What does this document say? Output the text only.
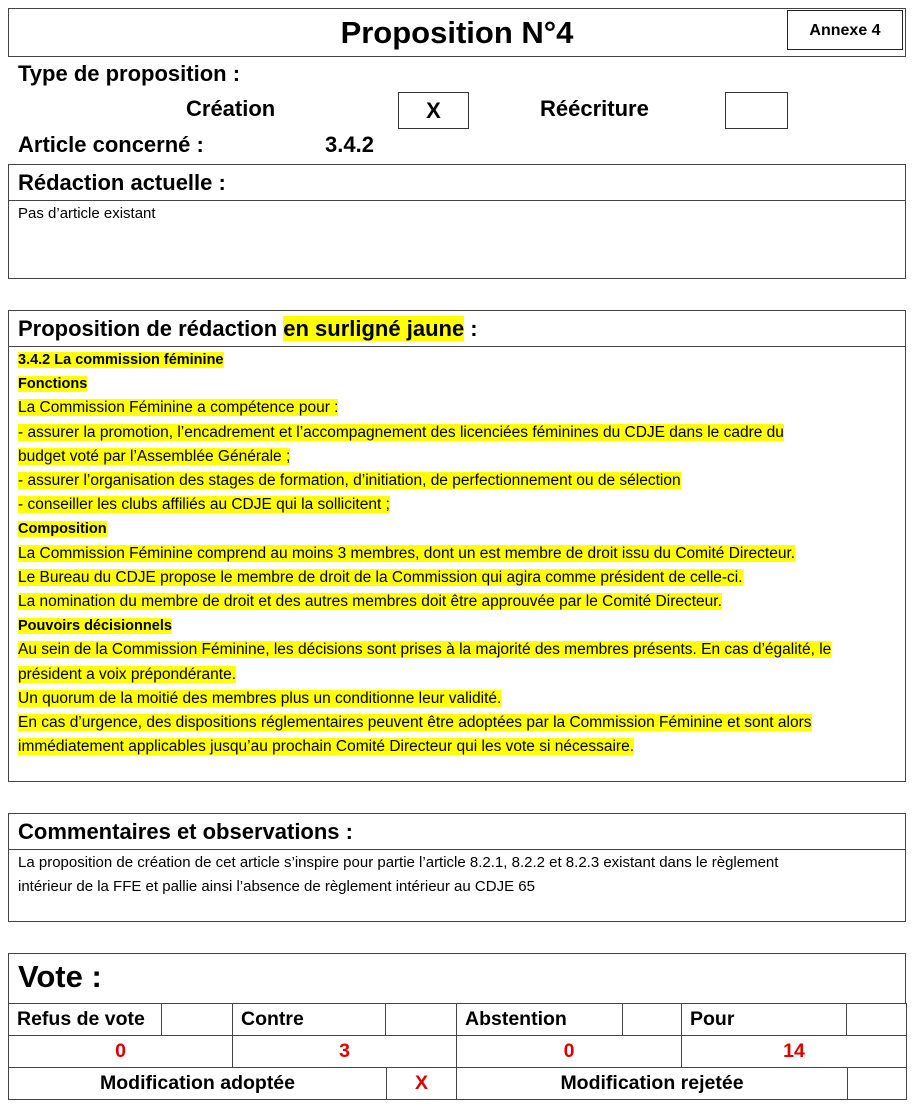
Proposition N°4	Annexe 4
Type de proposition :
Création	X	Réécriture
Article concerné :	3.4.2
Rédaction actuelle :
Pas d’article existant
Proposition de rédaction en surligné jaune :
3.4.2 La commission féminine
Fonctions
La Commission Féminine a compétence pour :
- assurer la promotion, l’encadrement et l’accompagnement des licenciées féminines du CDJE dans le cadre du
budget voté par l’Assemblée Générale ;
- assurer l’organisation des stages de formation, d’initiation, de perfectionnement ou de sélection
- conseiller les clubs affiliés au CDJE qui la sollicitent ;
Composition
La Commission Féminine comprend au moins 3 membres, dont un est membre de droit issu du Comité Directeur.
Le Bureau du CDJE propose le membre de droit de la Commission qui agira comme président de celle-ci.
La nomination du membre de droit et des autres membres doit être approuvée par le Comité Directeur.
Pouvoirs décisionnels
Au sein de la Commission Féminine, les décisions sont prises à la majorité des membres présents. En cas d’égalité, le
président a voix prépondérante.
Un quorum de la moitié des membres plus un conditionne leur validité.
En cas d’urgence, des dispositions réglementaires peuvent être adoptées par la Commission Féminine et sont alors
immédiatement applicables jusqu’au prochain Comité Directeur qui les vote si nécessaire.
Commentaires et observations :
La proposition de création de cet article s’inspire pour partie l’article 8.2.1, 8.2.2 et 8.2.3 existant dans le règlement
intérieur de la FFE et pallie ainsi l’absence de règlement intérieur au CDJE 65
Vote :
Refus de vote		Contre		Abstention		Pour	
0		3		0		14	
Modification adoptée	X	Modification rejetée	
